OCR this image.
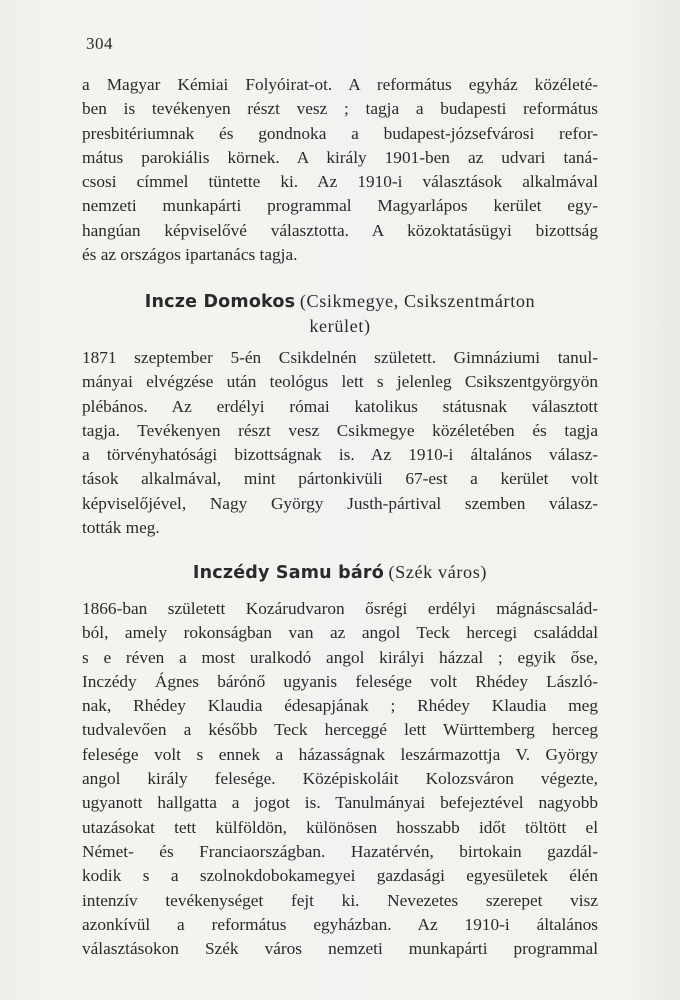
304

a Magyar Kémiai Folyóirat-ot. A református egyház közéleté-
ben is tevékenyen részt vesz ; tagja a budapesti református
presbitériumnak és gondnoka a budapest-józsefvárosi refor-
mátus parokiális körnek. A király 1901-ben az udvari taná-
csosi címmel tüntette ki. Az 1910-i választások alkalmával
nemzeti munkapárti programmal Magyarlápos kerület egy-
hangúan képviselővé választotta. A közoktatásügyi bizottság
és az országos ipartanács tagja.

Incze Domokos (Csikmegye, Csikszentmárton
kerület)

1871 szeptember 5-én Csikdelnén született. Gimnáziumi tanul-
mányai elvégzése után teológus lett s jelenleg Csikszentgyörgyön
plébános. Az erdélyi római katolikus státusnak választott
tagja. Tevékenyen részt vesz Csikmegye közéletében és tagja
a törvényhatósági bizottságnak is. Az 1910-i általános válasz-
tások alkalmával, mint pártonkivüli 67-est a kerület volt
képviselőjével, Nagy György Justh-pártival szemben válasz-
tották meg.

Inczédy Samu báró (Szék város)

1866-ban született Kozárudvaron ősrégi erdélyi mágnáscsalád-
ból, amely rokonságban van az angol Teck hercegi családdal
s e réven a most uralkodó angol királyi házzal ; egyik őse,
Inczédy Ágnes bárónő ugyanis felesége volt Rhédey László-
nak, Rhédey Klaudia édesapjának ; Rhédey Klaudia meg
tudvalevően a később Teck herceggé lett Württemberg herceg
felesége volt s ennek a házasságnak leszármazottja V. György
angol király felesége. Középiskoláit Kolozsváron végezte,
ugyanott hallgatta a jogot is. Tanulmányai befejeztével nagyobb
utazásokat tett külföldön, különösen hosszabb időt töltött el
Német- és Franciaországban. Hazatérvén, birtokain gazdál-
kodik s a szolnokdobokamegyei gazdasági egyesületek élén
intenzív tevékenységet fejt ki. Nevezetes szerepet visz
azonkívül a református egyházban. Az 1910-i általános
választásokon Szék város nemzeti munkapárti programmal

ˈ
